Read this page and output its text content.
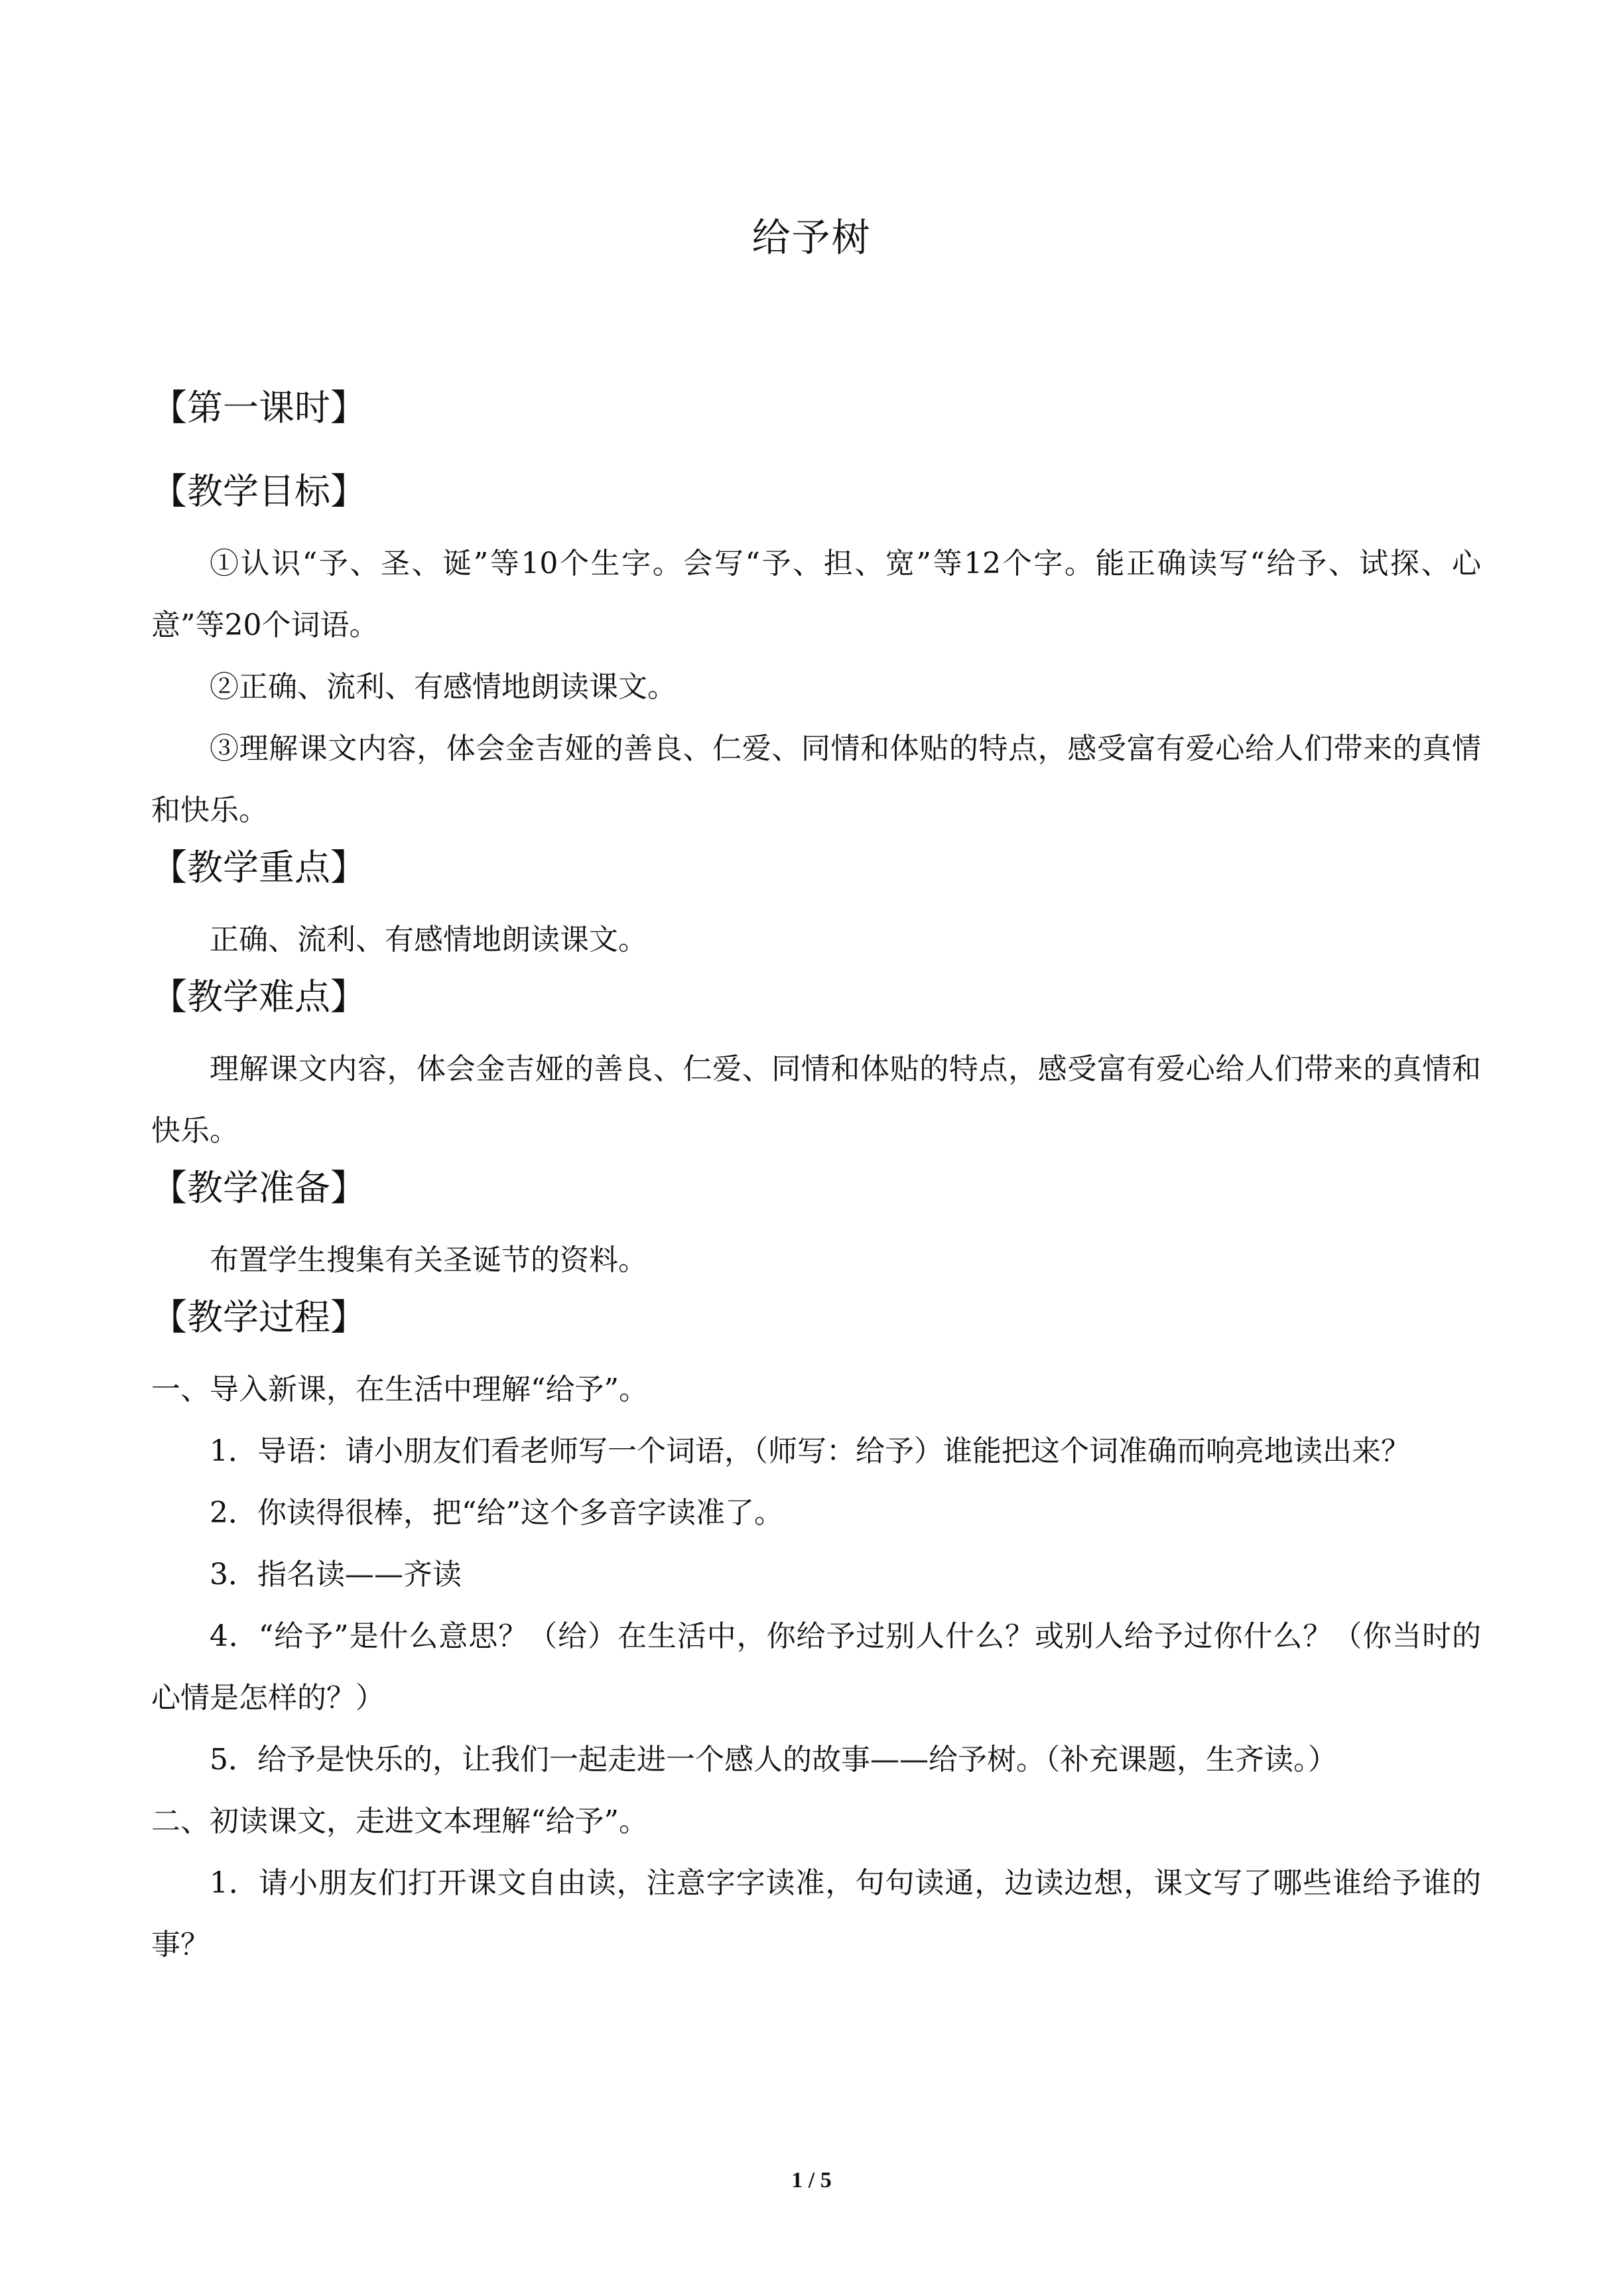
给予树

【第一课时】

【教学目标】

①认识“予、圣、诞”等10个生字。会写“予、担、宽”等12个字。能正确读写“给予、试探、心意”等20个词语。

②正确、流利、有感情地朗读课文。

③理解课文内容，体会金吉娅的善良、仁爱、同情和体贴的特点，感受富有爱心给人们带来的真情和快乐。

【教学重点】

正确、流利、有感情地朗读课文。

【教学难点】

理解课文内容，体会金吉娅的善良、仁爱、同情和体贴的特点，感受富有爱心给人们带来的真情和快乐。

【教学准备】

布置学生搜集有关圣诞节的资料。

【教学过程】

一、导入新课，在生活中理解“给予”。

1．导语：请小朋友们看老师写一个词语，（师写：给予）谁能把这个词准确而响亮地读出来？

2．你读得很棒，把“给”这个多音字读准了。

3．指名读——齐读

4．“给予”是什么意思？（给）在生活中，你给予过别人什么？或别人给予过你什么？（你当时的心情是怎样的？）

5．给予是快乐的，让我们一起走进一个感人的故事——给予树。（补充课题，生齐读。）

二、初读课文，走进文本理解“给予”。

1．请小朋友们打开课文自由读，注意字字读准，句句读通，边读边想，课文写了哪些谁给予谁的事？

1 / 5
